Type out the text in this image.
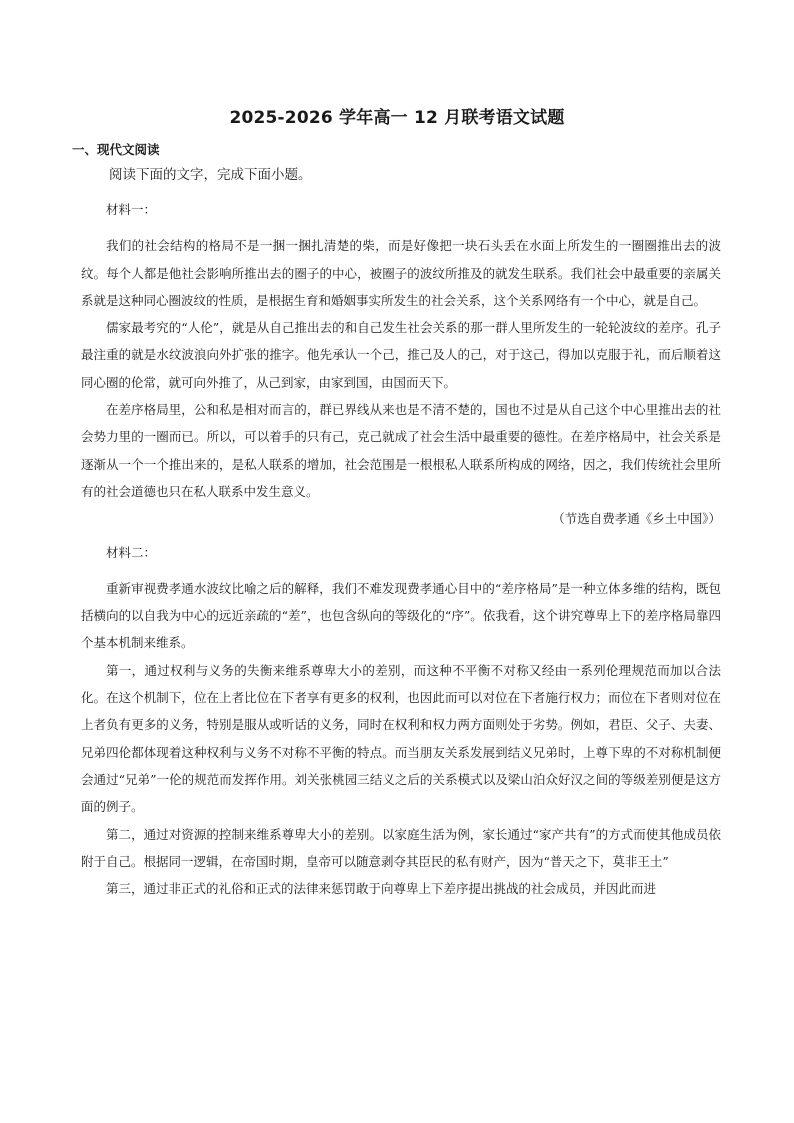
2025-2026 学年高一 12 月联考语文试题
一、现代文阅读
阅读下面的文字，完成下面小题。

材料一：

我们的社会结构的格局不是一捆一捆扎清楚的柴，而是好像把一块石头丢在水面上所发生的一圈圈推出去的波纹。每个人都是他社会影响所推出去的圈子的中心，被圈子的波纹所推及的就发生联系。我们社会中最重要的亲属关系就是这种同心圈波纹的性质，是根据生育和婚姻事实所发生的社会关系，这个关系网络有一个中心，就是自己。

儒家最考究的“人伦”，就是从自己推出去的和自己发生社会关系的那一群人里所发生的一轮轮波纹的差序。孔子最注重的就是水纹波浪向外扩张的推字。他先承认一个己，推己及人的己，对于这己，得加以克服于礼，而后顺着这同心圈的伦常，就可向外推了，从己到家，由家到国，由国而天下。

在差序格局里，公和私是相对而言的，群已界线从来也是不清不楚的，国也不过是从自己这个中心里推出去的社会势力里的一圈而已。所以，可以着手的只有己，克己就成了社会生活中最重要的德性。在差序格局中，社会关系是逐渐从一个一个推出来的，是私人联系的增加，社会范围是一根根私人联系所构成的网络，因之，我们传统社会里所有的社会道德也只在私人联系中发生意义。

（节选自费孝通《乡土中国》）

材料二：

重新审视费孝通水波纹比喻之后的解释，我们不难发现费孝通心目中的“差序格局”是一种立体多维的结构，既包括横向的以自我为中心的远近亲疏的“差”，也包含纵向的等级化的“序”。依我看，这个讲究尊卑上下的差序格局靠四个基本机制来维系。

第一，通过权利与义务的失衡来维系尊卑大小的差别，而这种不平衡不对称又经由一系列伦理规范而加以合法化。在这个机制下，位在上者比位在下者享有更多的权利，也因此而可以对位在下者施行权力；而位在下者则对位在上者负有更多的义务，特别是服从或听话的义务，同时在权利和权力两方面则处于劣势。例如，君臣、父子、夫妻、兄弟四伦都体现着这种权利与义务不对称不平衡的特点。而当朋友关系发展到结义兄弟时，上尊下卑的不对称机制便会通过“兄弟”一伦的规范而发挥作用。刘关张桃园三结义之后的关系模式以及梁山泊众好汉之间的等级差别便是这方面的例子。

第二，通过对资源的控制来维系尊卑大小的差别。以家庭生活为例，家长通过“家产共有”的方式而使其他成员依附于自己。根据同一逻辑，在帝国时期，皇帝可以随意剥夺其臣民的私有财产，因为“普天之下，莫非王土”

第三，通过非正式的礼俗和正式的法律来惩罚敢于向尊卑上下差序提出挑战的社会成员，并因此而进
